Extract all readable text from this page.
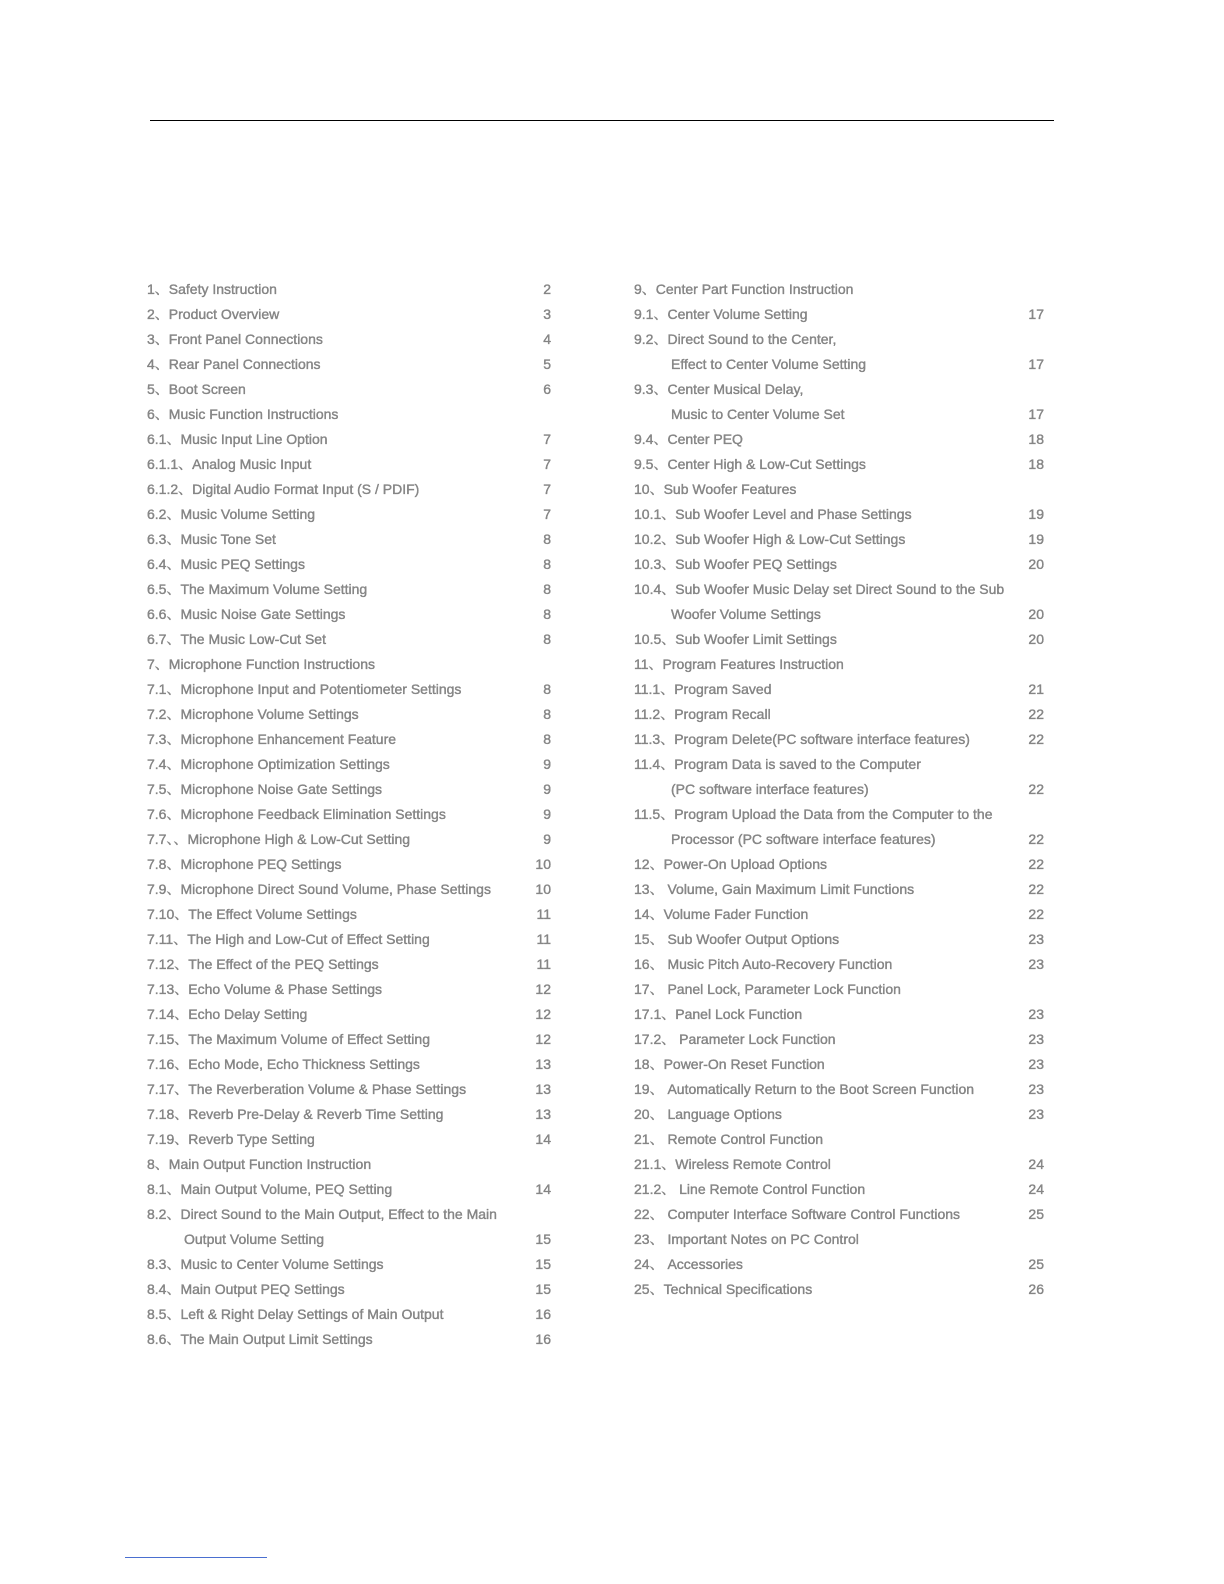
1、Safety Instruction	2
2、Product Overview	3
3、Front Panel Connections	4
4、Rear Panel Connections	5
5、Boot Screen	6
6、Music Function Instructions
6.1、Music Input Line Option	7
6.1.1、Analog Music Input	7
6.1.2、Digital Audio Format Input (S / PDIF)	7
6.2、Music Volume Setting	7
6.3、Music Tone Set	8
6.4、Music PEQ Settings	8
6.5、The Maximum Volume Setting	8
6.6、Music Noise Gate Settings	8
6.7、The Music Low-Cut Set	8
7、Microphone Function Instructions
7.1、Microphone Input and Potentiometer Settings	8
7.2、Microphone Volume Settings	8
7.3、Microphone Enhancement Feature	8
7.4、Microphone Optimization Settings	9
7.5、Microphone Noise Gate Settings	9
7.6、Microphone Feedback Elimination Settings	9
7.7、、Microphone High & Low-Cut Setting	9
7.8、Microphone PEQ Settings	10
7.9、Microphone Direct Sound Volume, Phase Settings	10
7.10、The Effect Volume Settings	11
7.11、The High and Low-Cut of Effect Setting	11
7.12、The Effect of the PEQ Settings	11
7.13、Echo Volume & Phase Settings	12
7.14、Echo Delay Setting	12
7.15、The Maximum Volume of Effect Setting	12
7.16、Echo Mode, Echo Thickness Settings	13
7.17、The Reverberation Volume & Phase Settings	13
7.18、Reverb Pre-Delay & Reverb Time Setting	13
7.19、Reverb Type Setting	14
8、Main Output Function Instruction
8.1、Main Output Volume, PEQ Setting	14
8.2、Direct Sound to the Main Output, Effect to the Main
Output Volume Setting	15
8.3、Music to Center Volume Settings	15
8.4、Main Output PEQ Settings	15
8.5、Left & Right Delay Settings of Main Output	16
8.6、The Main Output Limit Settings	16
9、Center Part Function Instruction
9.1、Center Volume Setting	17
9.2、Direct Sound to the Center,
Effect to Center Volume Setting	17
9.3、Center Musical Delay,
Music to Center Volume Set	17
9.4、Center PEQ	18
9.5、Center High & Low-Cut Settings	18
10、Sub Woofer Features
10.1、Sub Woofer Level and Phase Settings	19
10.2、Sub Woofer High & Low-Cut Settings	19
10.3、Sub Woofer PEQ Settings	20
10.4、Sub Woofer Music Delay set Direct Sound to the Sub
Woofer Volume Settings	20
10.5、Sub Woofer Limit Settings	20
11、Program Features Instruction
11.1、Program Saved	21
11.2、Program Recall	22
11.3、Program Delete(PC software interface features)	22
11.4、Program Data is saved to the Computer
(PC software interface features)	22
11.5、Program Upload the Data from the Computer to the
Processor (PC software interface features)	22
12、Power-On Upload Options	22
13、 Volume, Gain Maximum Limit Functions	22
14、Volume Fader Function	22
15、 Sub Woofer Output Options	23
16、 Music Pitch Auto-Recovery Function	23
17、 Panel Lock, Parameter Lock Function
17.1、Panel Lock Function	23
17.2、 Parameter Lock Function	23
18、Power-On Reset Function	23
19、 Automatically Return to the Boot Screen Function	23
20、 Language Options	23
21、 Remote Control Function
21.1、Wireless Remote Control	24
21.2、 Line Remote Control Function	24
22、 Computer Interface Software Control Functions	25
23、 Important Notes on PC Control
24、 Accessories	25
25、Technical Specifications	26
